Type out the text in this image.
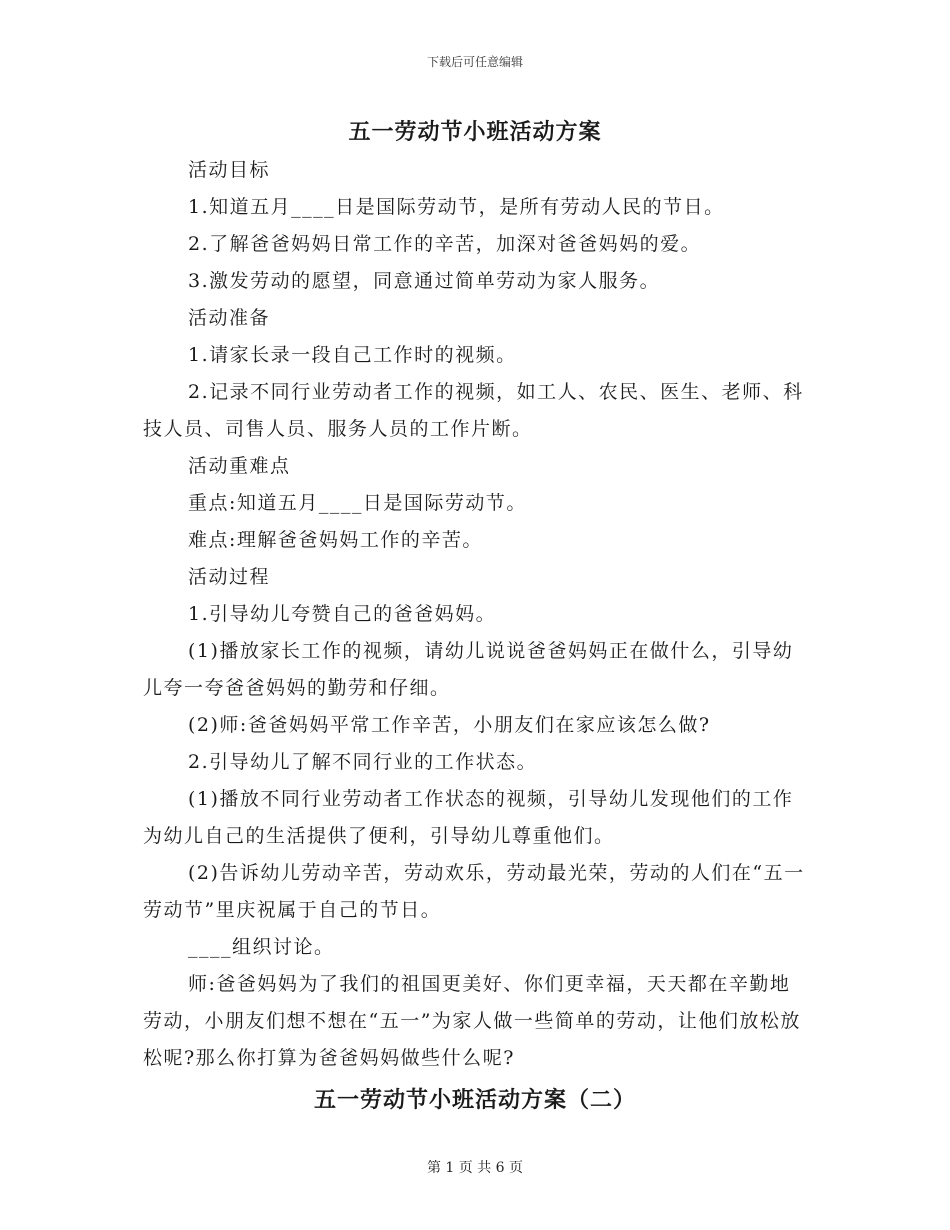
下载后可任意编辑
五一劳动节小班活动方案

活动目标

1.知道五月____日是国际劳动节，是所有劳动人民的节日。

2.了解爸爸妈妈日常工作的辛苦，加深对爸爸妈妈的爱。

3.激发劳动的愿望，同意通过简单劳动为家人服务。

活动准备

1.请家长录一段自己工作时的视频。

2.记录不同行业劳动者工作的视频，如工人、农民、医生、老师、科技人员、司售人员、服务人员的工作片断。

活动重难点

重点:知道五月____日是国际劳动节。

难点:理解爸爸妈妈工作的辛苦。

活动过程

1.引导幼儿夸赞自己的爸爸妈妈。

(1)播放家长工作的视频，请幼儿说说爸爸妈妈正在做什么，引导幼儿夸一夸爸爸妈妈的勤劳和仔细。

(2)师:爸爸妈妈平常工作辛苦，小朋友们在家应该怎么做?

2.引导幼儿了解不同行业的工作状态。

(1)播放不同行业劳动者工作状态的视频，引导幼儿发现他们的工作为幼儿自己的生活提供了便利，引导幼儿尊重他们。

(2)告诉幼儿劳动辛苦，劳动欢乐，劳动最光荣，劳动的人们在“五一劳动节”里庆祝属于自己的节日。

____组织讨论。

师:爸爸妈妈为了我们的祖国更美好、你们更幸福，天天都在辛勤地劳动，小朋友们想不想在“五一”为家人做一些简单的劳动，让他们放松放松呢?那么你打算为爸爸妈妈做些什么呢?

五一劳动节小班活动方案（二）
第 1 页 共 6 页
